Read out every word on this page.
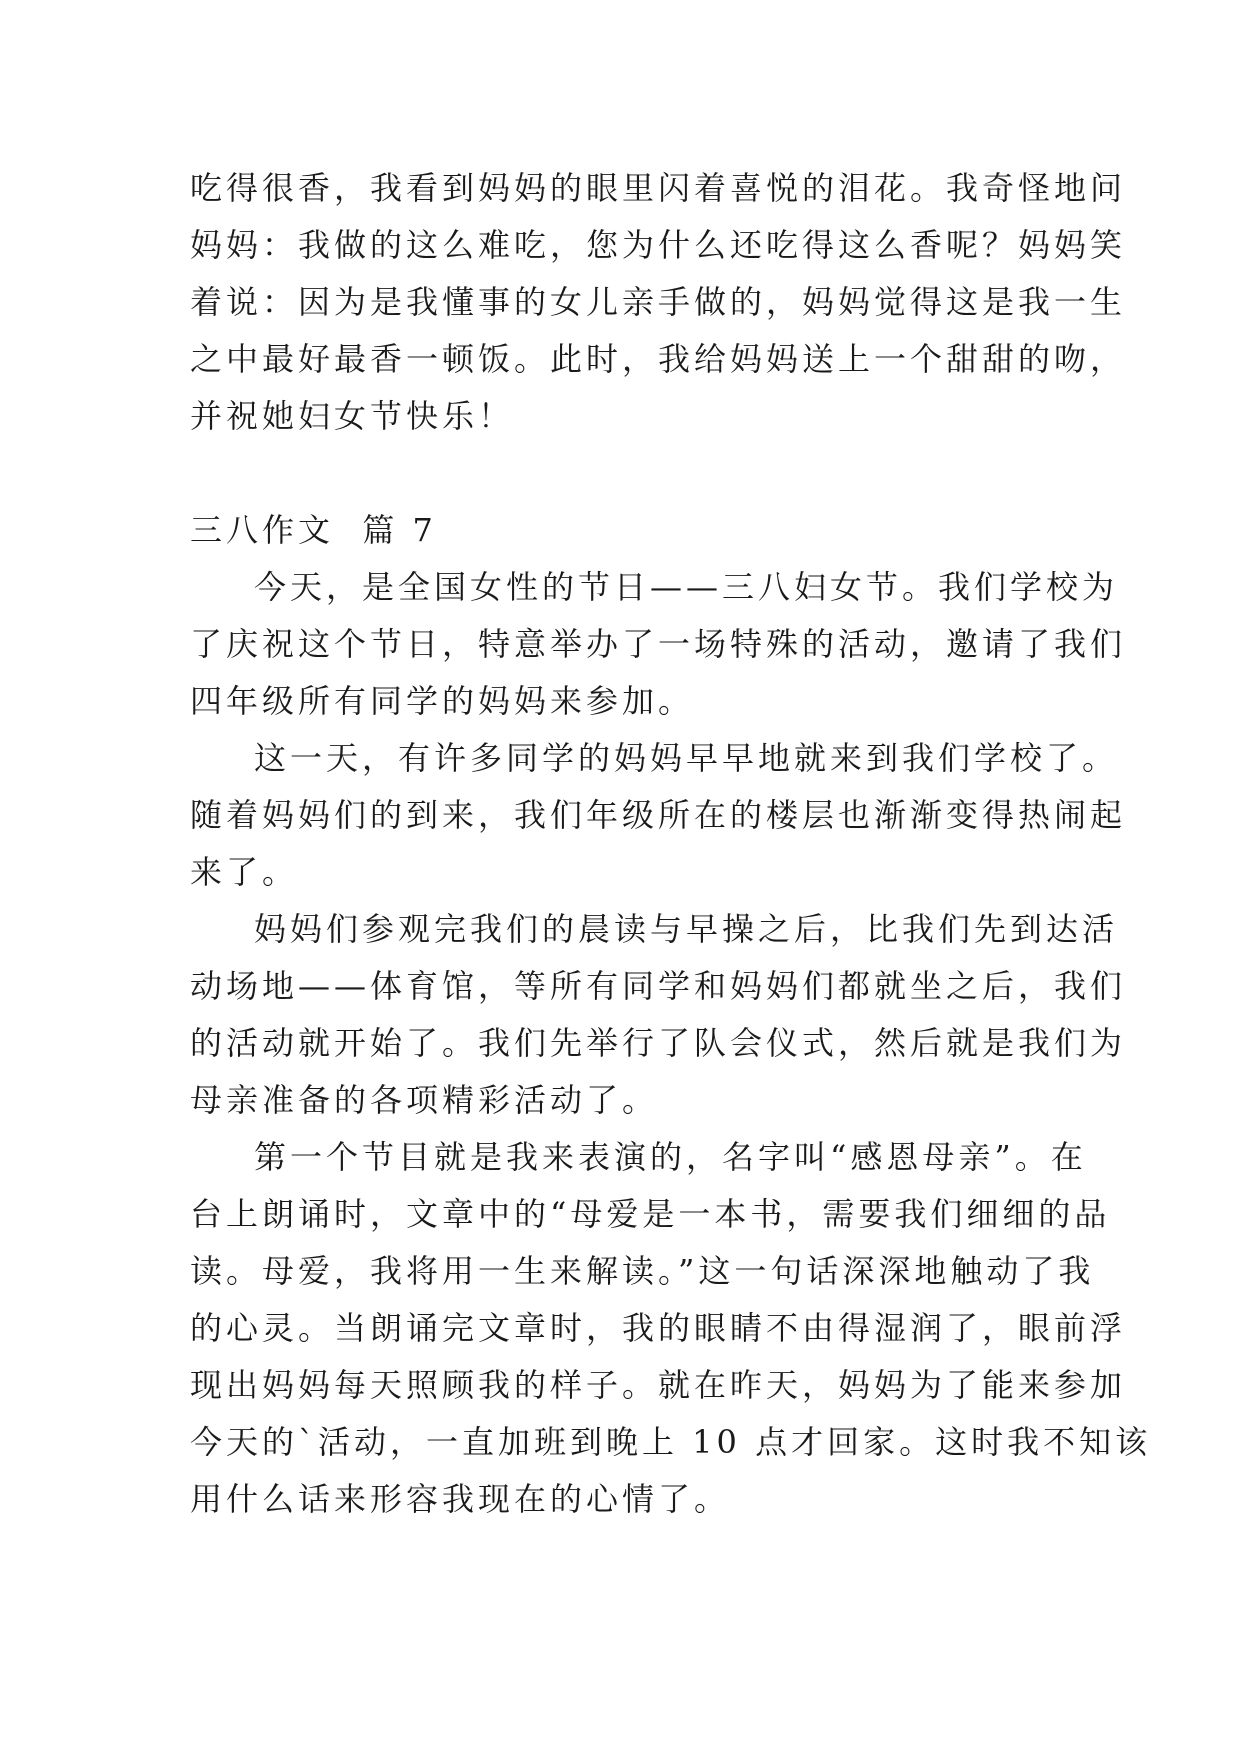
吃得很香，我看到妈妈的眼里闪着喜悦的泪花。我奇怪地问
妈妈：我做的这么难吃，您为什么还吃得这么香呢？妈妈笑
着说：因为是我懂事的女儿亲手做的，妈妈觉得这是我一生
之中最好最香一顿饭。此时，我给妈妈送上一个甜甜的吻，
并祝她妇女节快乐！
三八作文  篇 7
今天，是全国女性的节日——三八妇女节。我们学校为
了庆祝这个节日，特意举办了一场特殊的活动，邀请了我们
四年级所有同学的妈妈来参加。
这一天，有许多同学的妈妈早早地就来到我们学校了。
随着妈妈们的到来，我们年级所在的楼层也渐渐变得热闹起
来了。
妈妈们参观完我们的晨读与早操之后，比我们先到达活
动场地——体育馆，等所有同学和妈妈们都就坐之后，我们
的活动就开始了。我们先举行了队会仪式，然后就是我们为
母亲准备的各项精彩活动了。
第一个节目就是我来表演的，名字叫“感恩母亲”。在
台上朗诵时，文章中的“母爱是一本书，需要我们细细的品
读。母爱，我将用一生来解读。”这一句话深深地触动了我
的心灵。当朗诵完文章时，我的眼睛不由得湿润了，眼前浮
现出妈妈每天照顾我的样子。就在昨天，妈妈为了能来参加
今天的`活动，一直加班到晚上 10 点才回家。这时我不知该
用什么话来形容我现在的心情了。
